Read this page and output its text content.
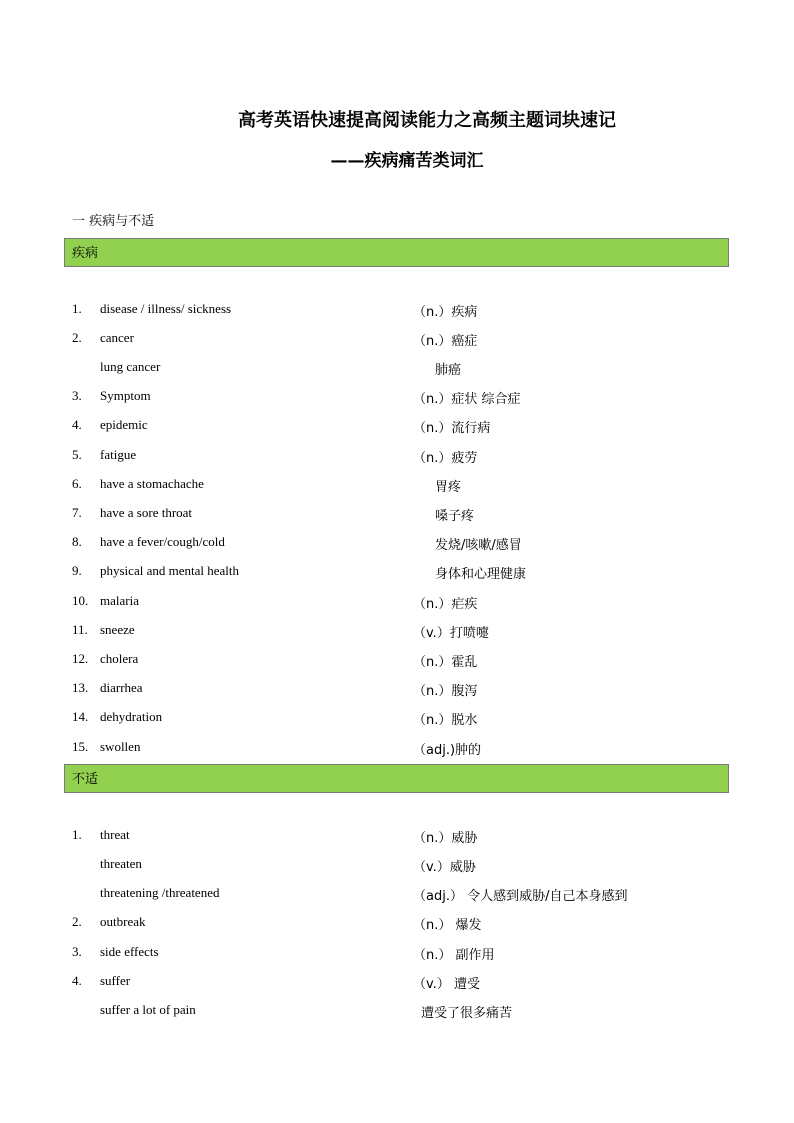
高考英语快速提高阅读能力之高频主题词块速记
——疾病痛苦类词汇
一 疾病与不适
疾病
1. disease / illness/ sickness	（n.）疾病
2. cancer	（n.）癌症
lung cancer	肺癌
3. Symptom	（n.）症状 综合症
4. epidemic	（n.）流行病
5. fatigue	（n.）疲劳
6. have a stomachache	胃疼
7. have a sore throat	嗓子疼
8. have a fever/cough/cold	发烧/咳嗽/感冒
9. physical and mental health	身体和心理健康
10. malaria	（n.）疟疾
11. sneeze	（v.）打喷嚏
12. cholera	（n.）霍乱
13. diarrhea	（n.）腹泻
14. dehydration	（n.）脱水
15. swollen	（adj.)肿的
不适
1. threat	（n.）威胁
threaten	（v.）威胁
threatening /threatened	（adj.） 令人感到威胁/自己本身感到
2. outbreak	（n.） 爆发
3. side effects	（n.） 副作用
4. suffer	（v.） 遭受
suffer a lot of pain	遭受了很多痛苦
